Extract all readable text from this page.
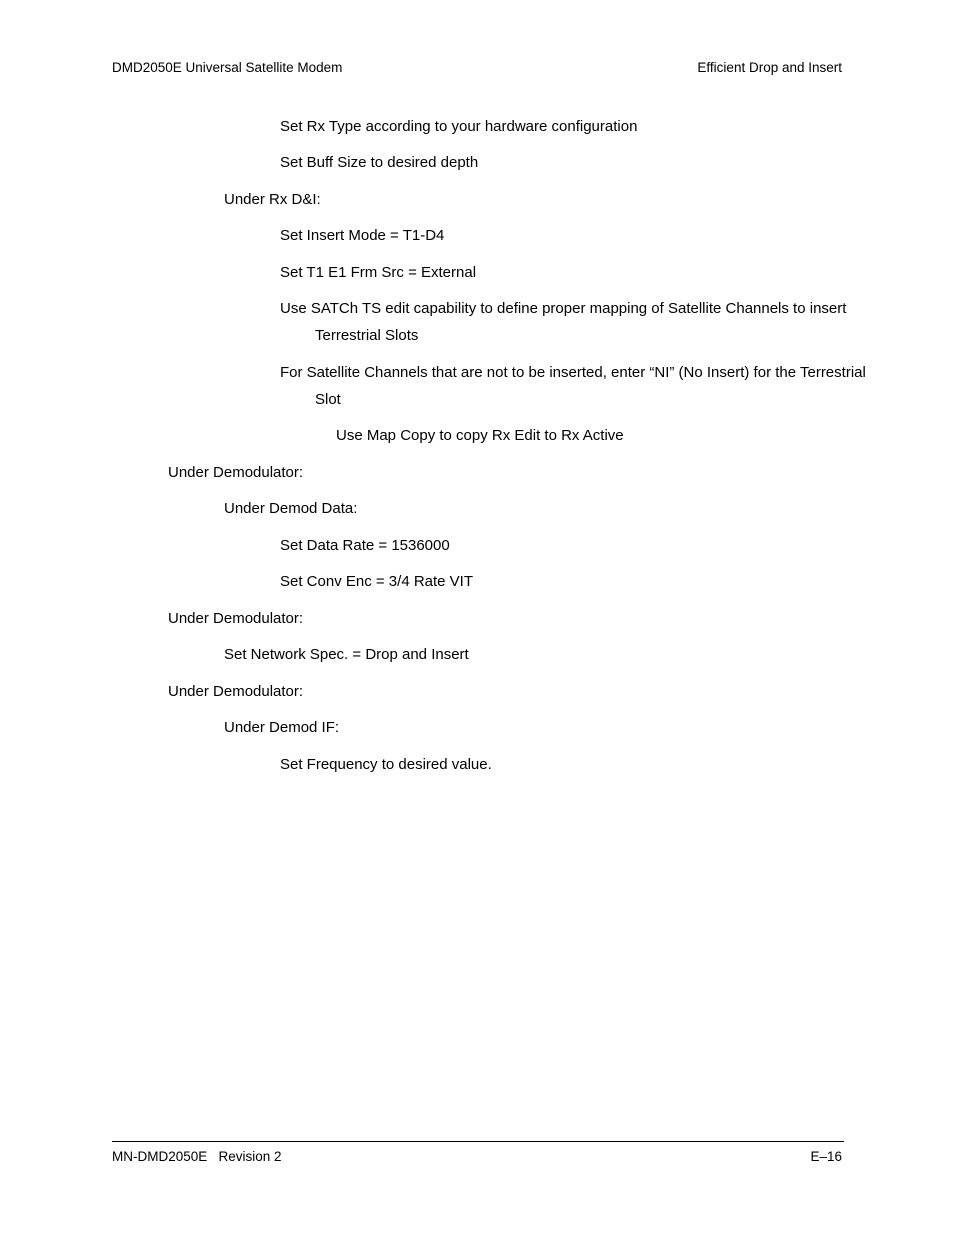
DMD2050E Universal Satellite Modem	Efficient Drop and Insert
Set Rx Type according to your hardware configuration
Set Buff Size to desired depth
Under Rx D&I:
Set Insert Mode = T1-D4
Set T1 E1 Frm Src = External
Use SATCh TS edit capability to define proper mapping of Satellite Channels to insert Terrestrial Slots
For Satellite Channels that are not to be inserted, enter “NI” (No Insert) for the Terrestrial Slot
Use Map Copy to copy Rx Edit to Rx Active
Under Demodulator:
Under Demod Data:
Set Data Rate = 1536000
Set Conv Enc = 3/4 Rate VIT
Under Demodulator:
Set Network Spec. = Drop and Insert
Under Demodulator:
Under Demod IF:
Set Frequency to desired value.
MN-DMD2050E   Revision 2	E–16
